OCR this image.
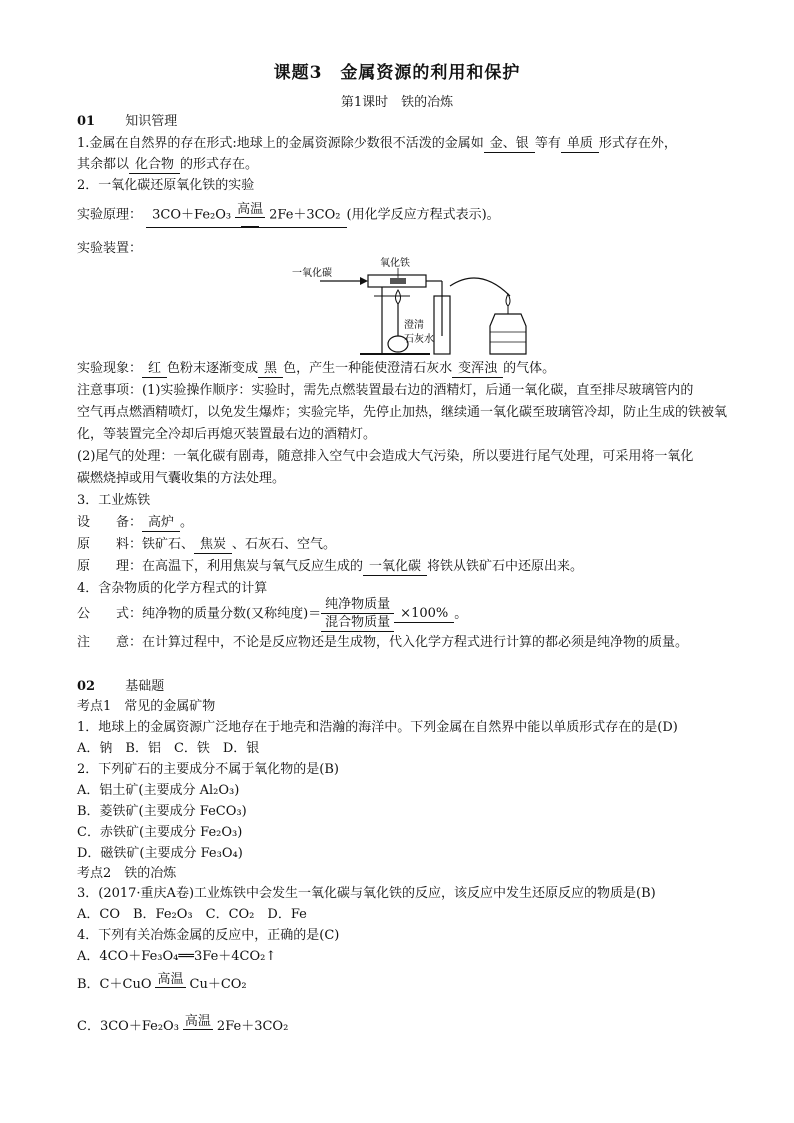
课题3　金属资源的利用和保护
第1课时　铁的冶炼
01　　 知识管理
1.金属在自然界的存在形式:地球上的金属资源除少数很不活泼的金属如 金、银 等有 单质 形式存在外，
其余都以 化合物 的形式存在。
2．一氧化碳还原氧化铁的实验
实验原理： 3CO＋Fe₂O₃ 高温 2Fe＋3CO₂ (用化学反应方程式表示)。
实验装置：
一氧化碳
氧化铁
澄清
石灰水
实验现象： 红 色粉末逐渐变成 黑 色，产生一种能使澄清石灰水 变浑浊 的气体。
注意事项：(1)实验操作顺序：实验时，需先点燃装置最右边的酒精灯，后通一氧化碳，直至排尽玻璃管内的
空气再点燃酒精喷灯，以免发生爆炸；实验完毕，先停止加热，继续通一氧化碳至玻璃管冷却，防止生成的铁被氧
化，等装置完全冷却后再熄灭装置最右边的酒精灯。
(2)尾气的处理：一氧化碳有剧毒，随意排入空气中会造成大气污染，所以要进行尾气处理，可采用将一氧化
碳燃烧掉或用气囊收集的方法处理。
3．工业炼铁
设　　备： 高炉 。
原　　料：铁矿石、 焦炭 、石灰石、空气。
原　　理：在高温下，利用焦炭与氧气反应生成的 一氧化碳 将铁从铁矿石中还原出来。
4．含杂物质的化学方程式的计算
公　　式：纯净物的质量分数(又称纯度)＝ $\frac{\text{纯净物质量}}{\text{混合物质量}} \times 100\%$ 。
注　　意：在计算过程中，不论是反应物还是生成物，代入化学方程式进行计算的都必须是纯净物的质量。
02　　 基础题
考点1　常见的金属矿物
1．地球上的金属资源广泛地存在于地壳和浩瀚的海洋中。下列金属在自然界中能以单质形式存在的是(D)
A．钠　B．铝　C．铁　D．银
2．下列矿石的主要成分不属于氧化物的是(B)
A．铝土矿(主要成分 Al₂O₃)
B．菱铁矿(主要成分 FeCO₃)
C．赤铁矿(主要成分 Fe₂O₃)
D．磁铁矿(主要成分 Fe₃O₄)
考点2　铁的冶炼
3．(2017·重庆A卷)工业炼铁中会发生一氧化碳与氧化铁的反应，该反应中发生还原反应的物质是(B)
A．CO　B．Fe₂O₃　C．CO₂　D．Fe
4．下列有关冶炼金属的反应中，正确的是(C)
A．4CO＋Fe₃O₄══3Fe＋4CO₂↑
B．C＋CuO 高温 Cu＋CO₂
C．3CO＋Fe₂O₃ 高温 2Fe＋3CO₂
